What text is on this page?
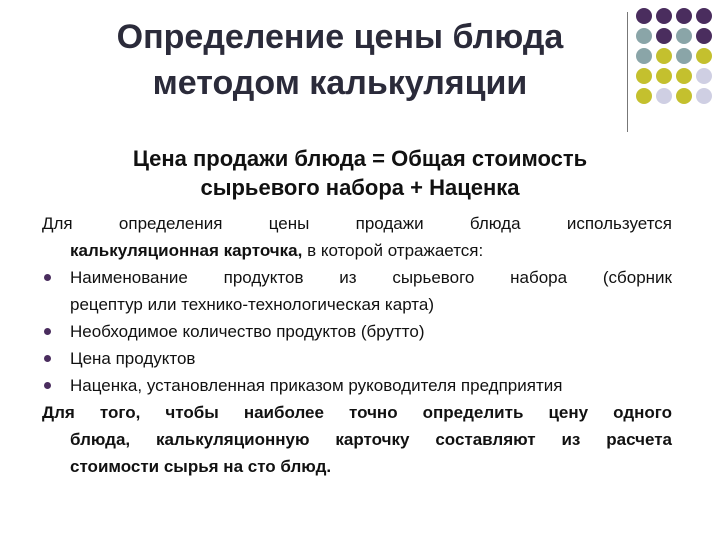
Определение цены блюда
методом калькуляции
Цена продажи блюда = Общая стоимость
сырьевого набора + Наценка
Для определения цены продажи блюда используется
калькуляционная карточка, в которой отражается:
Наименование продуктов из сырьевого набора (сборник
рецептур или технико-технологическая карта)
Необходимое количество продуктов (брутто)
Цена продуктов
Наценка, установленная приказом руководителя предприятия
Для того, чтобы наиболее точно определить цену одного
блюда, калькуляционную карточку составляют из расчета
стоимости сырья на сто блюд.
